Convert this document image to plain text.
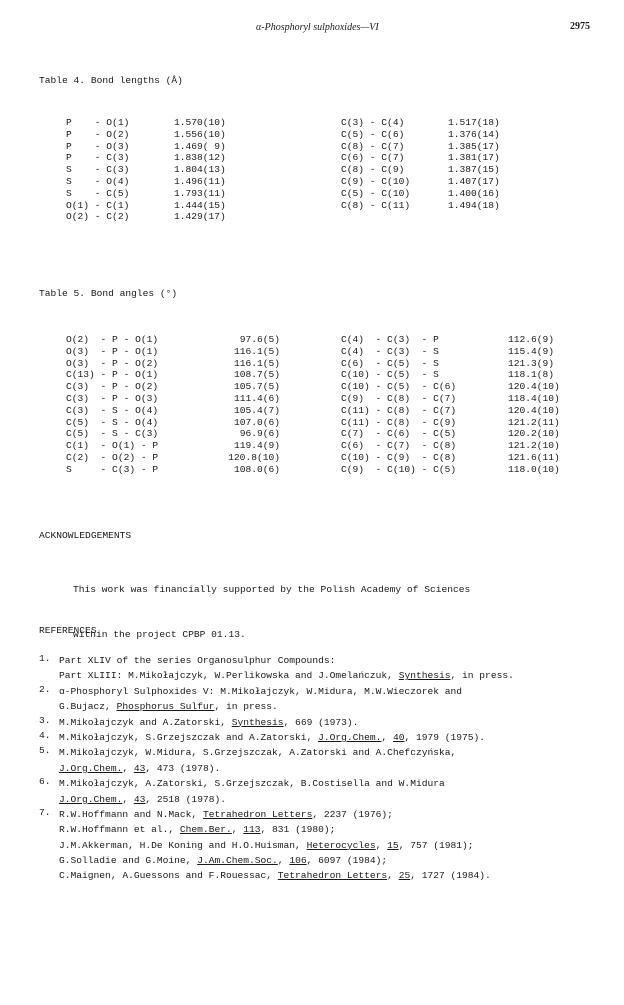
α-Phosphoryl sulphoxides—VI	2975
Table 4. Bond lengths (Å)
P    - O(1)
P    - O(2)
P    - O(3)
P    - C(3)
S    - C(3)
S    - O(4)
S    - C(5)
O(1) - C(1)
O(2) - C(2)
1.570(10)
1.556(10)
1.469( 9)
1.838(12)
1.804(13)
1.496(11)
1.793(11)
1.444(15)
1.429(17)
C(3) - C(4)
C(5) - C(6)
C(8) - C(7)
C(6) - C(7)
C(8) - C(9)
C(9) - C(10)
C(5) - C(10)
C(8) - C(11)
1.517(18)
1.376(14)
1.385(17)
1.381(17)
1.387(15)
1.407(17)
1.400(16)
1.494(18)
Table 5. Bond angles (°)
O(2)  - P - O(1)
O(3)  - P - O(1)
O(3)  - P - O(2)
C(13) - P - O(1)
C(3)  - P - O(2)
C(3)  - P - O(3)
C(3)  - S - O(4)
C(5)  - S - O(4)
C(5)  - S - C(3)
C(1)  - O(1) - P
C(2)  - O(2) - P
S     - C(3) - P
97.6(5)
116.1(5)
116.1(5)
108.7(5)
105.7(5)
111.4(6)
105.4(7)
107.0(6)
96.9(6)
119.4(9)
120.8(10)
108.0(6)
C(4)  - C(3)  - P
C(4)  - C(3)  - S
C(6)  - C(5)  - S
C(10) - C(5)  - S
C(10) - C(5)  - C(6)
C(9)  - C(8)  - C(7)
C(11) - C(8)  - C(7)
C(11) - C(8)  - C(9)
C(7)  - C(6)  - C(5)
C(6)  - C(7)  - C(8)
C(10) - C(9)  - C(8)
C(9)  - C(10) - C(5)
112.6(9)
115.4(9)
121.3(9)
118.1(8)
120.4(10)
118.4(10)
120.4(10)
121.2(11)
120.2(10)
121.2(10)
121.6(11)
118.0(10)
ACKNOWLEDGEMENTS

This work was financially supported by the Polish Academy of Sciences

within the project CPBP 01.13.

REFERENCES
1. Part XLIV of the series Organosulphur Compounds:
Part XLIII: M.Mikołajczyk, W.Perlikowska and J.Omelańczuk, Synthesis, in press.
2. α-Phosphoryl Sulphoxides V: M.Mikołajczyk, W.Midura, M.W.Wieczorek and
G.Bujacz, Phosphorus Sulfur, in press.
3. M.Mikołajczyk and A.Zatorski, Synthesis, 669 (1973).
4. M.Mikołajczyk, S.Grzejszczak and A.Zatorski, J.Org.Chem., 40, 1979 (1975).
5. M.Mikołajczyk, W.Midura, S.Grzejszczak, A.Zatorski and A.Chefczyńska,
J.Org.Chem., 43, 473 (1978).
6. M.Mikołajczyk, A.Zatorski, S.Grzejszczak, B.Costisella and W.Midura
J.Org.Chem., 43, 2518 (1978).
7. R.W.Hoffmann and N.Mack, Tetrahedron Letters, 2237 (1976);
R.W.Hoffmann et al., Chem.Ber., 113, 831 (1980);
J.M.Akkerman, H.De Koning and H.O.Huisman, Heterocycles, 15, 757 (1981);
G.Solladie and G.Moine, J.Am.Chem.Soc., 106, 6097 (1984);
C.Maignen, A.Guessons and F.Rouessac, Tetrahedron Letters, 25, 1727 (1984).
